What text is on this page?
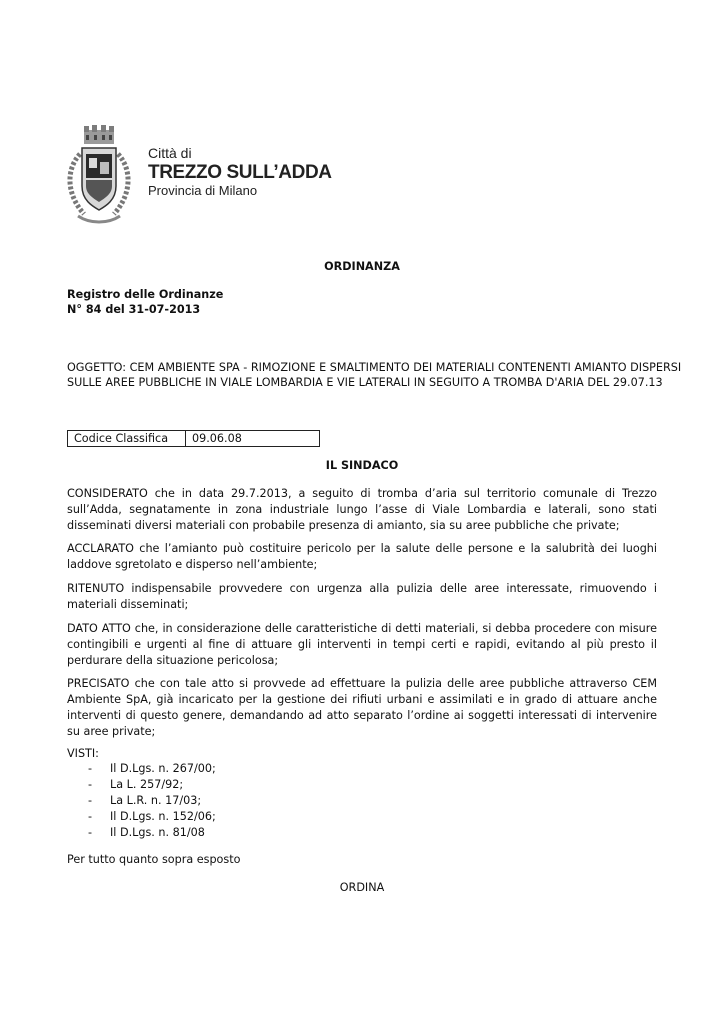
Città di
TREZZO SULL’ADDA
Provincia di Milano
ORDINANZA
Registro delle Ordinanze
N° 84 del 31-07-2013
OGGETTO: CEM AMBIENTE SPA - RIMOZIONE E SMALTIMENTO DEI MATERIALI CONTENENTI AMIANTO DISPERSI
SULLE AREE PUBBLICHE IN VIALE LOMBARDIA E VIE LATERALI IN SEGUITO A TROMBA D'ARIA DEL 29.07.13
Codice Classifica	09.06.08
IL SINDACO
CONSIDERATO che in data 29.7.2013, a seguito di tromba d’aria sul territorio comunale di Trezzo sull’Adda, segnatamente in zona industriale lungo l’asse di Viale Lombardia e laterali, sono stati disseminati diversi materiali con probabile presenza di amianto, sia su aree pubbliche che private;
ACCLARATO che l’amianto può costituire pericolo per la salute delle persone e la salubrità dei luoghi laddove sgretolato e disperso nell’ambiente;
RITENUTO indispensabile provvedere con urgenza alla pulizia delle aree interessate, rimuovendo i materiali disseminati;
DATO ATTO che, in considerazione delle caratteristiche di detti materiali, si debba procedere con misure contingibili e urgenti al fine di attuare gli interventi in tempi certi e rapidi, evitando al più presto il perdurare della situazione pericolosa;
PRECISATO che con tale atto si provvede ad effettuare la pulizia delle aree pubbliche attraverso CEM Ambiente SpA, già incaricato per la gestione dei rifiuti urbani e assimilati e in grado di attuare anche interventi di questo genere, demandando ad atto separato l’ordine ai soggetti interessati di intervenire su aree private;
VISTI:
- Il D.Lgs. n. 267/00;
- La L. 257/92;
- La L.R. n. 17/03;
- Il D.Lgs. n. 152/06;
- Il D.Lgs. n. 81/08
Per tutto quanto sopra esposto
ORDINA
